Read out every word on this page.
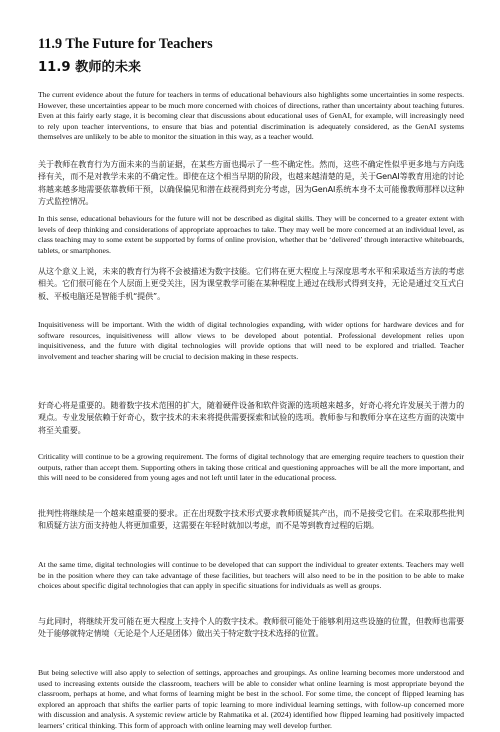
11.9 The Future for Teachers
11.9 教师的未来

The current evidence about the future for teachers in terms of educational behaviours also highlights some uncertainties in some respects. However, these uncertainties appear to be much more concerned with choices of directions, rather than uncertainty about teaching futures. Even at this fairly early stage, it is becoming clear that discussions about educational uses of GenAI, for example, will increasingly need to rely upon teacher interventions, to ensure that bias and potential discrimination is adequately considered, as the GenAI systems themselves are unlikely to be able to monitor the situation in this way, as a teacher would.

关于教师在教育行为方面未来的当前证据，在某些方面也揭示了一些不确定性。然而，这些不确定性似乎更多地与方向选择有关，而不是对教学未来的不确定性。即使在这个相当早期的阶段，也越来越清楚的是，关于GenAI等教育用途的讨论将越来越多地需要依靠教师干预，以确保偏见和潜在歧视得到充分考虑，因为GenAI系统本身不太可能像教师那样以这种方式监控情况。

In this sense, educational behaviours for the future will not be described as digital skills. They will be concerned to a greater extent with levels of deep thinking and considerations of appropriate approaches to take. They may well be more concerned at an individual level, as class teaching may to some extent be supported by forms of online provision, whether that be ‘delivered’ through interactive whiteboards, tablets, or smartphones.

从这个意义上说，未来的教育行为将不会被描述为数字技能。它们将在更大程度上与深度思考水平和采取适当方法的考虑相关。它们很可能在个人层面上更受关注，因为课堂教学可能在某种程度上通过在线形式得到支持，无论是通过交互式白板、平板电脑还是智能手机“提供”。

Inquisitiveness will be important. With the width of digital technologies expanding, with wider options for hardware devices and for software resources, inquisitiveness will allow views to be developed about potential. Professional development relies upon inquisitiveness, and the future with digital technologies will provide options that will need to be explored and trialled. Teacher involvement and teacher sharing will be crucial to decision making in these respects.

好奇心将是重要的。随着数字技术范围的扩大，随着硬件设备和软件资源的选项越来越多，好奇心将允许发展关于潜力的观点。专业发展依赖于好奇心，数字技术的未来将提供需要探索和试验的选项。教师参与和教师分享在这些方面的决策中将至关重要。

Criticality will continue to be a growing requirement. The forms of digital technology that are emerging require teachers to question their outputs, rather than accept them. Supporting others in taking those critical and questioning approaches will be all the more important, and this will need to be considered from young ages and not left until later in the educational process.

批判性将继续是一个越来越重要的要求。正在出现数字技术形式要求教师质疑其产出，而不是接受它们。在采取那些批判和质疑方法方面支持他人将更加重要，这需要在年轻时就加以考虑，而不是等到教育过程的后期。

At the same time, digital technologies will continue to be developed that can support the individual to greater extents. Teachers may well be in the position where they can take advantage of these facilities, but teachers will also need to be in the position to be able to make choices about specific digital technologies that can apply in specific situations for individuals as well as groups.

与此同时，将继续开发可能在更大程度上支持个人的数字技术。教师很可能处于能够利用这些设施的位置，但教师也需要处于能够就特定情境（无论是个人还是团体）做出关于特定数字技术选择的位置。

But being selective will also apply to selection of settings, approaches and groupings. As online learning becomes more understood and used to increasing extents outside the classroom, teachers will be able to consider what online learning is most appropriate beyond the classroom, perhaps at home, and what forms of learning might be best in the school. For some time, the concept of flipped learning has explored an approach that shifts the earlier parts of topic learning to more individual learning settings, with follow-up concerned more with discussion and analysis. A systemic review article by Rahmatika et al. (2024) identified how flipped learning had positively impacted learners’ critical thinking. This form of approach with online learning may well develop further.
